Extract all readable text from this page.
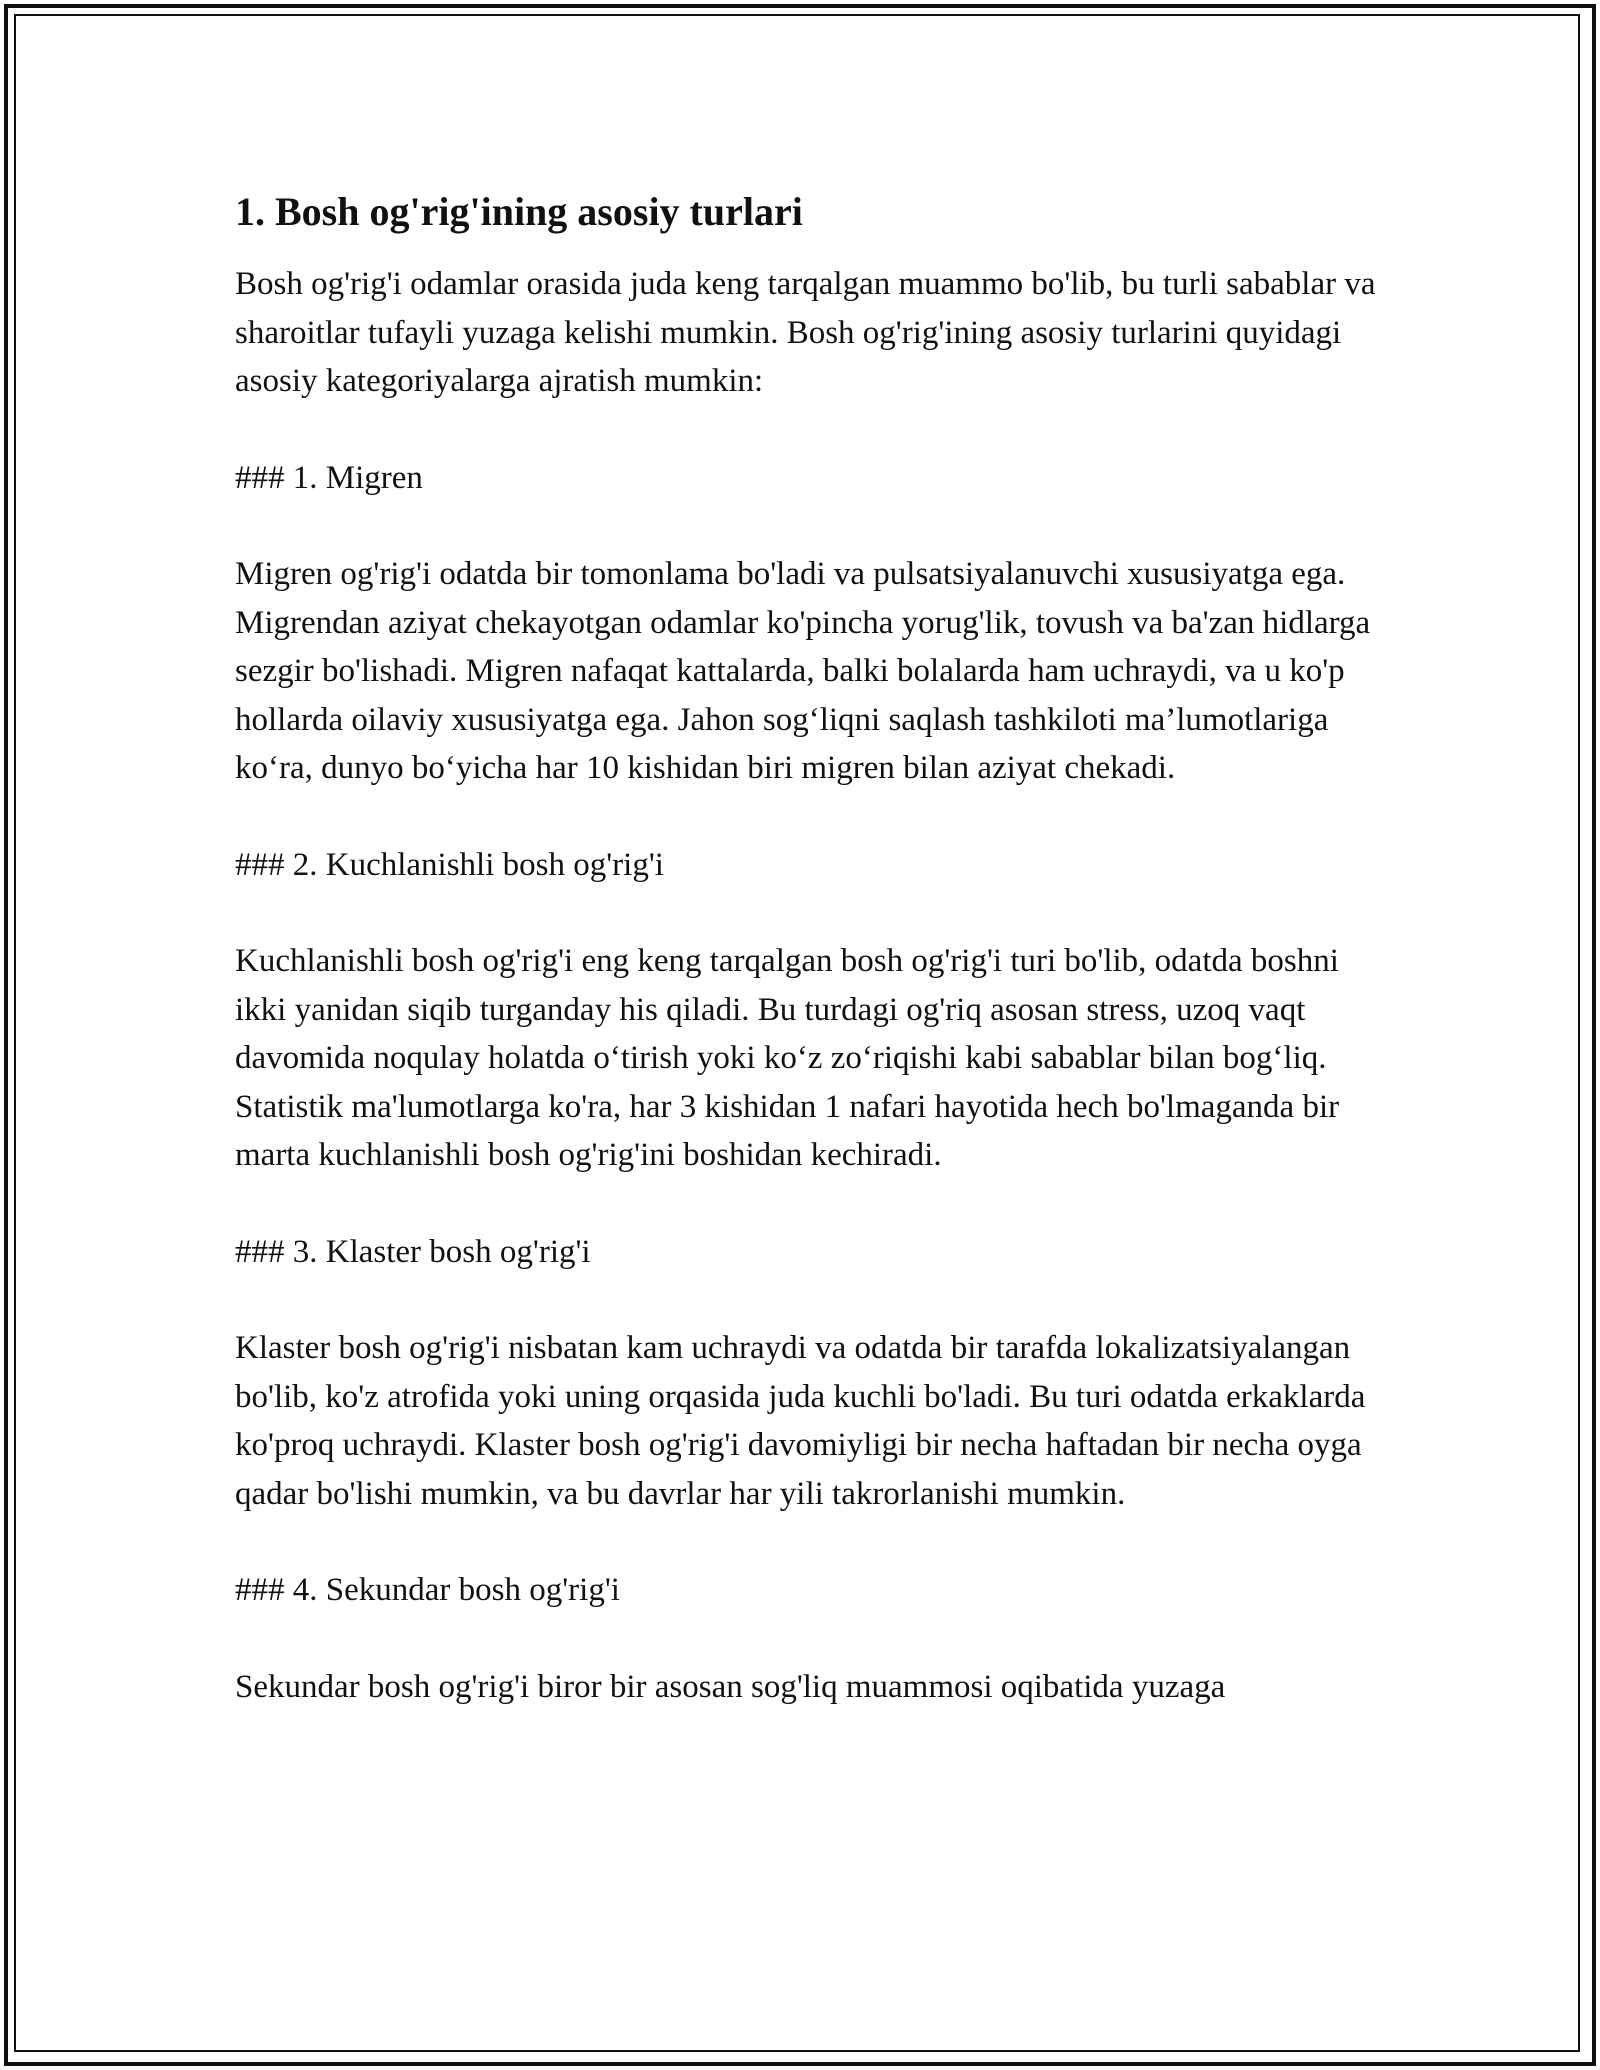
1. Bosh og'rig'ining asosiy turlari

Bosh og'rig'i odamlar orasida juda keng tarqalgan muammo bo'lib, bu turli sabablar va sharoitlar tufayli yuzaga kelishi mumkin. Bosh og'rig'ining asosiy turlarini quyidagi asosiy kategoriyalarga ajratish mumkin:

### 1. Migren

Migren og'rig'i odatda bir tomonlama bo'ladi va pulsatsiyalanuvchi xususiyatga ega. Migrendan aziyat chekayotgan odamlar ko'pincha yorug'lik, tovush va ba'zan hidlarga sezgir bo'lishadi. Migren nafaqat kattalarda, balki bolalarda ham uchraydi, va u ko'p hollarda oilaviy xususiyatga ega. Jahon sog‘liqni saqlash tashkiloti ma’lumotlariga ko‘ra, dunyo bo‘yicha har 10 kishidan biri migren bilan aziyat chekadi.

### 2. Kuchlanishli bosh og'rig'i

Kuchlanishli bosh og'rig'i eng keng tarqalgan bosh og'rig'i turi bo'lib, odatda boshni ikki yanidan siqib turganday his qiladi. Bu turdagi og'riq asosan stress, uzoq vaqt davomida noqulay holatda o‘tirish yoki ko‘z zo‘riqishi kabi sabablar bilan bog‘liq. Statistik ma'lumotlarga ko'ra, har 3 kishidan 1 nafari hayotida hech bo'lmaganda bir marta kuchlanishli bosh og'rig'ini boshidan kechiradi.

### 3. Klaster bosh og'rig'i

Klaster bosh og'rig'i nisbatan kam uchraydi va odatda bir tarafda lokalizatsiyalangan bo'lib, ko'z atrofida yoki uning orqasida juda kuchli bo'ladi. Bu turi odatda erkaklarda ko'proq uchraydi. Klaster bosh og'rig'i davomiyligi bir necha haftadan bir necha oyga qadar bo'lishi mumkin, va bu davrlar har yili takrorlanishi mumkin.

### 4. Sekundar bosh og'rig'i

Sekundar bosh og'rig'i biror bir asosan sog'liq muammosi oqibatida yuzaga
